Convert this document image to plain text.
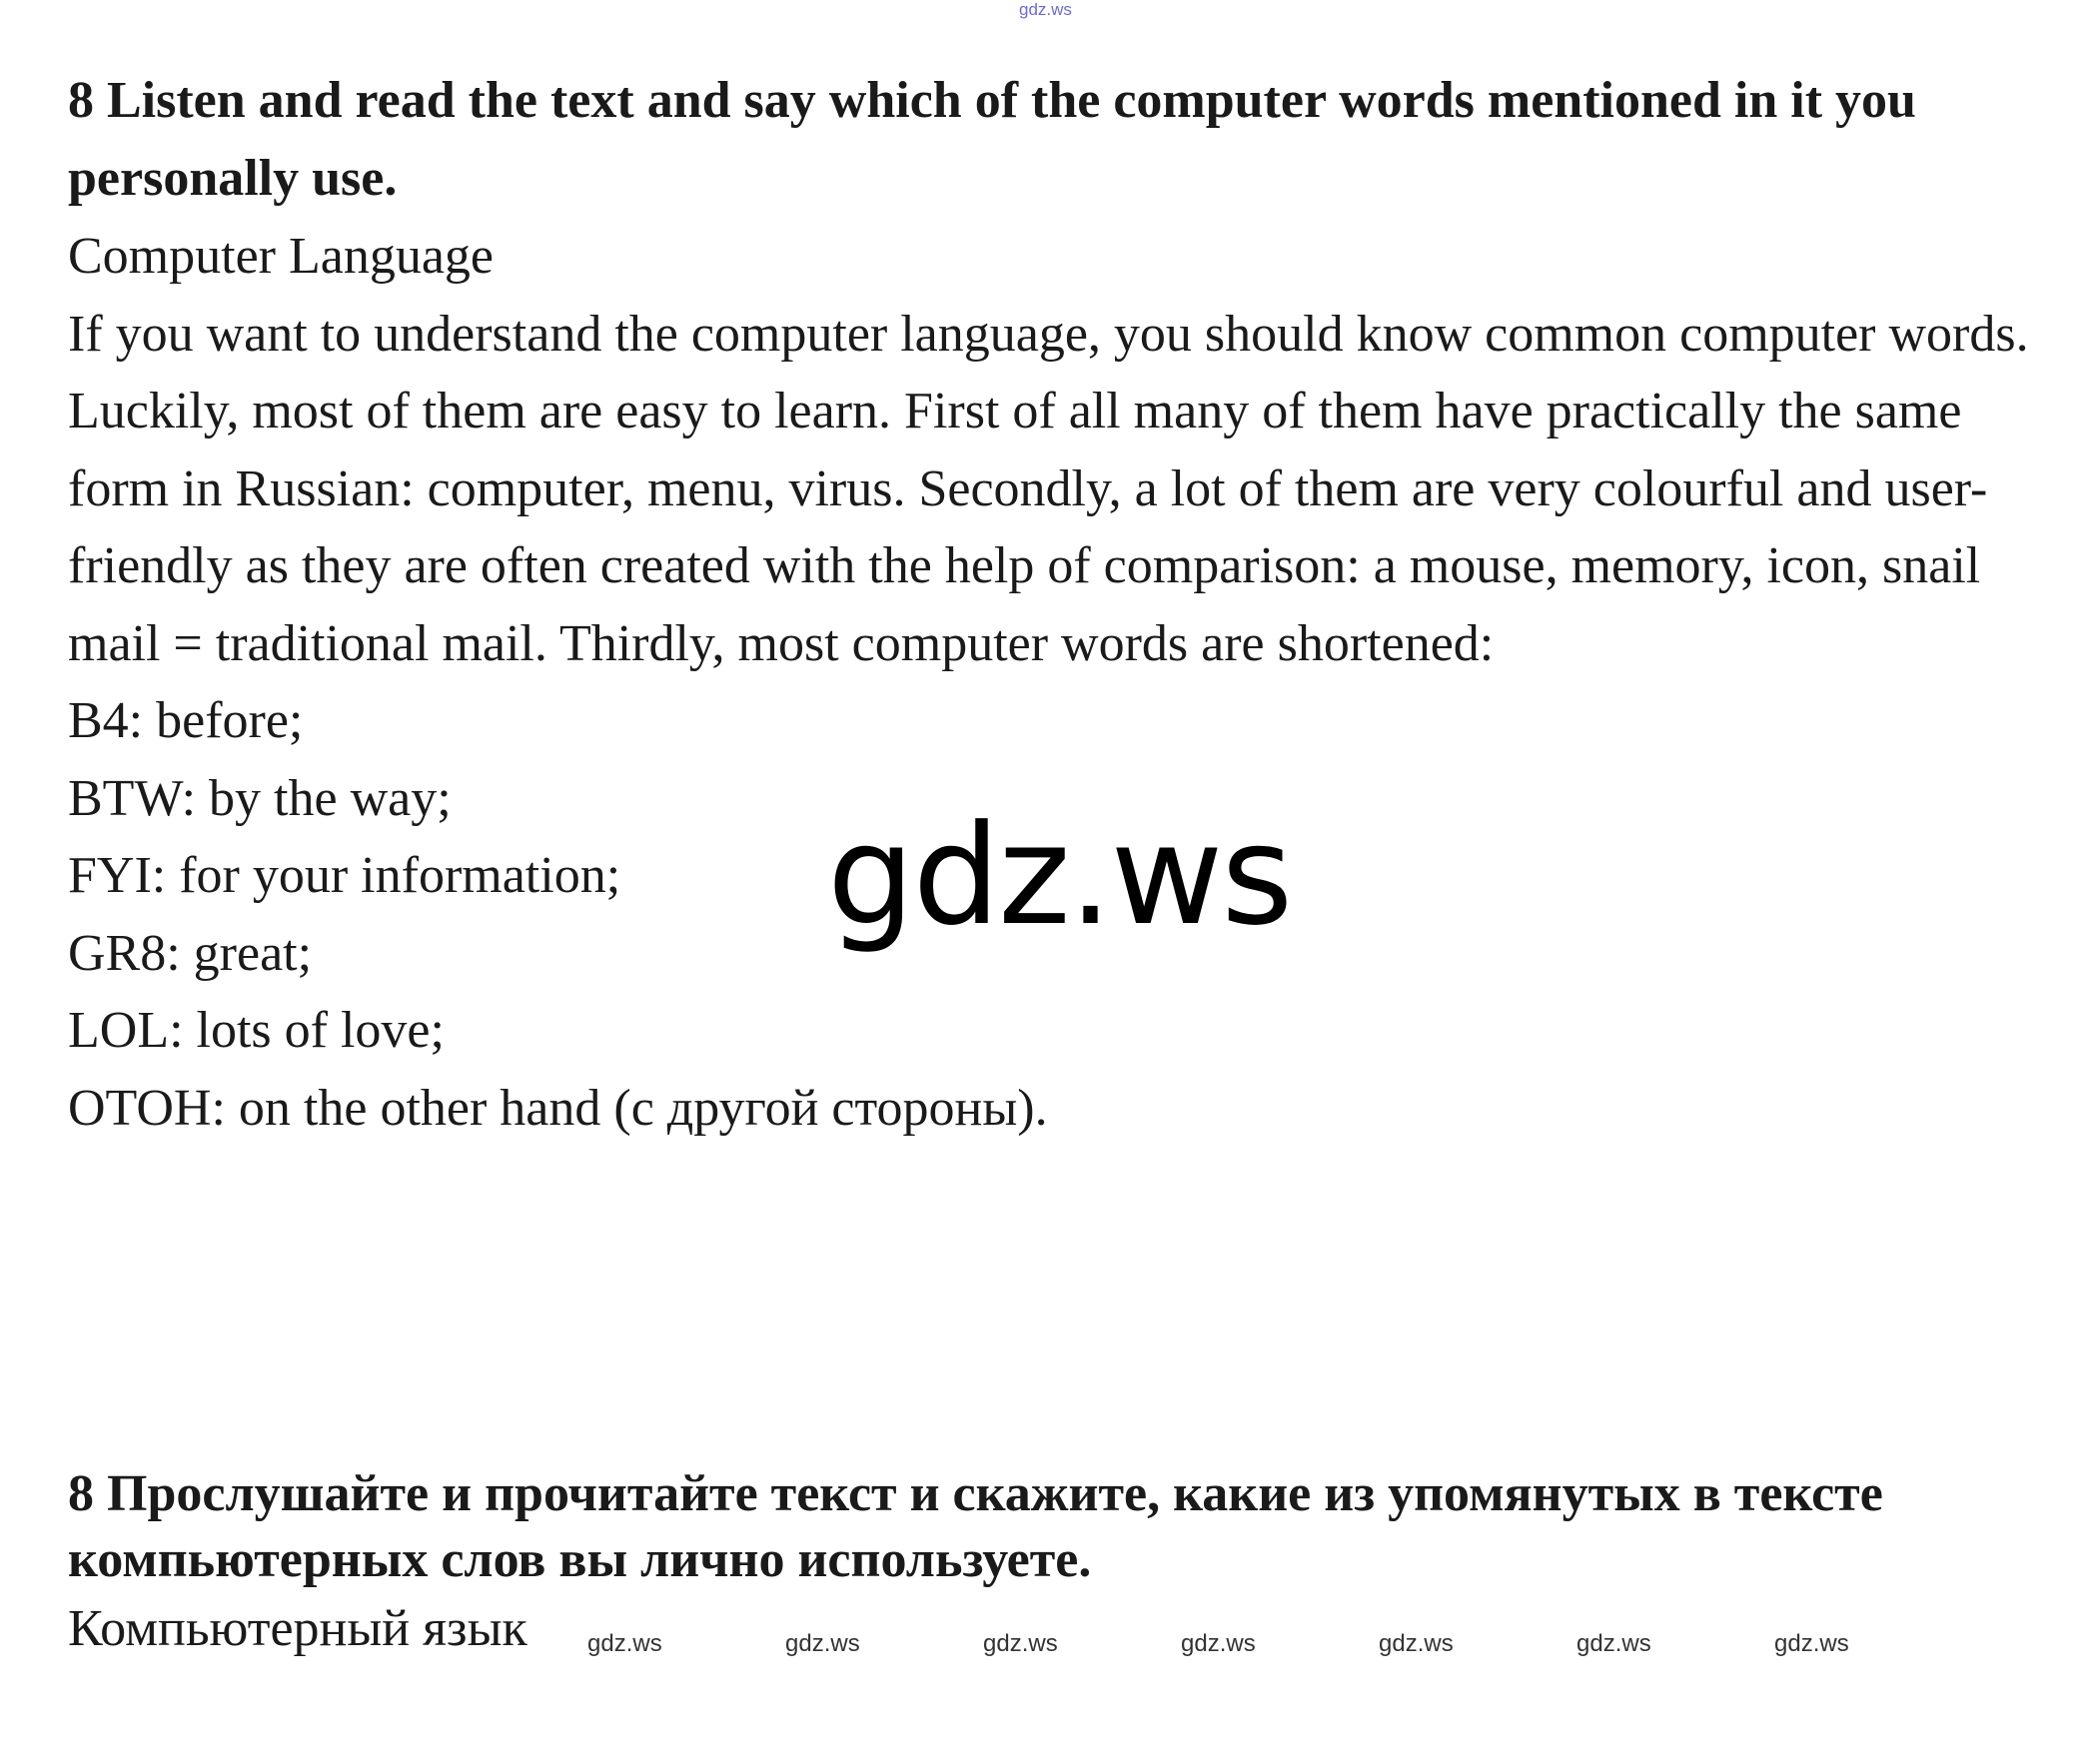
gdz.ws

8 Listen and read the text and say which of the computer words mentioned in it you personally use.

Computer Language

If you want to understand the computer language, you should know common computer words.

Luckily, most of them are easy to learn. First of all many of them have practically the same form in Russian: computer, menu, virus. Secondly, a lot of them are very colourful and user-friendly as they are often created with the help of comparison: a mouse, memory, icon, snail mail = traditional mail. Thirdly, most computer words are shortened:

B4: before;

BTW: by the way;

FYI: for your information;

GR8: great;

LOL: lots of love;

OTOH: on the other hand (с другой стороны).

gdz.ws

8 Прослушайте и прочитайте текст и скажите, какие из упомянутых в тексте компьютерных слов вы лично используете.

Компьютерный язык	gdz.ws	gdz.ws	gdz.ws	gdz.ws	gdz.ws	gdz.ws	gdz.ws
